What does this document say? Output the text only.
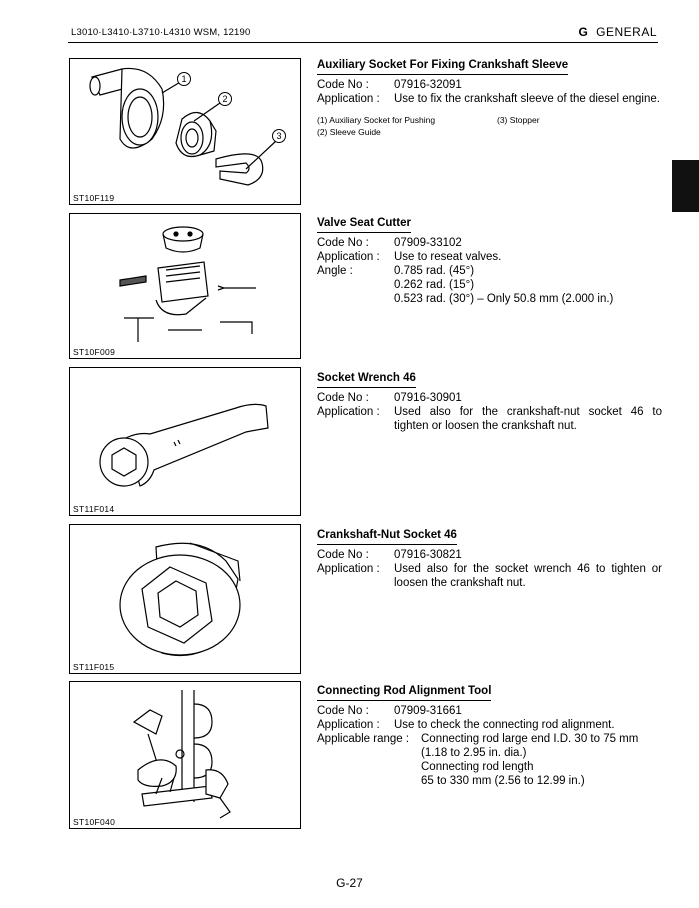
L3010·L3410·L3710·L4310 WSM, 12190	G GENERAL
1
2
3
ST10F119
Auxiliary Socket For Fixing Crankshaft Sleeve
Code No :	07916-32091
Application :	Use to fix the crankshaft sleeve of the diesel engine.
(1) Auxiliary Socket for Pushing	(3) Stopper
(2) Sleeve Guide
ST10F009
Valve Seat Cutter
Code No :	07909-33102
Application :	Use to reseat valves.
Angle :	0.785 rad. (45°)
0.262 rad. (15°)
0.523 rad. (30°) – Only 50.8 mm (2.000 in.)
ST11F014
Socket Wrench 46
Code No :	07916-30901
Application :	Used also for the crankshaft-nut socket 46 to
tighten or loosen the crankshaft nut.
ST11F015
Crankshaft-Nut Socket 46
Code No :	07916-30821
Application :	Used also for the socket wrench 46 to tighten or
loosen the crankshaft nut.
ST10F040
Connecting Rod Alignment Tool
Code No :	07909-31661
Application :	Use to check the connecting rod alignment.
Applicable range :	Connecting rod large end I.D. 30 to 75 mm
(1.18 to 2.95 in. dia.)
Connecting rod length
65 to 330 mm (2.56 to 12.99 in.)
G-27
